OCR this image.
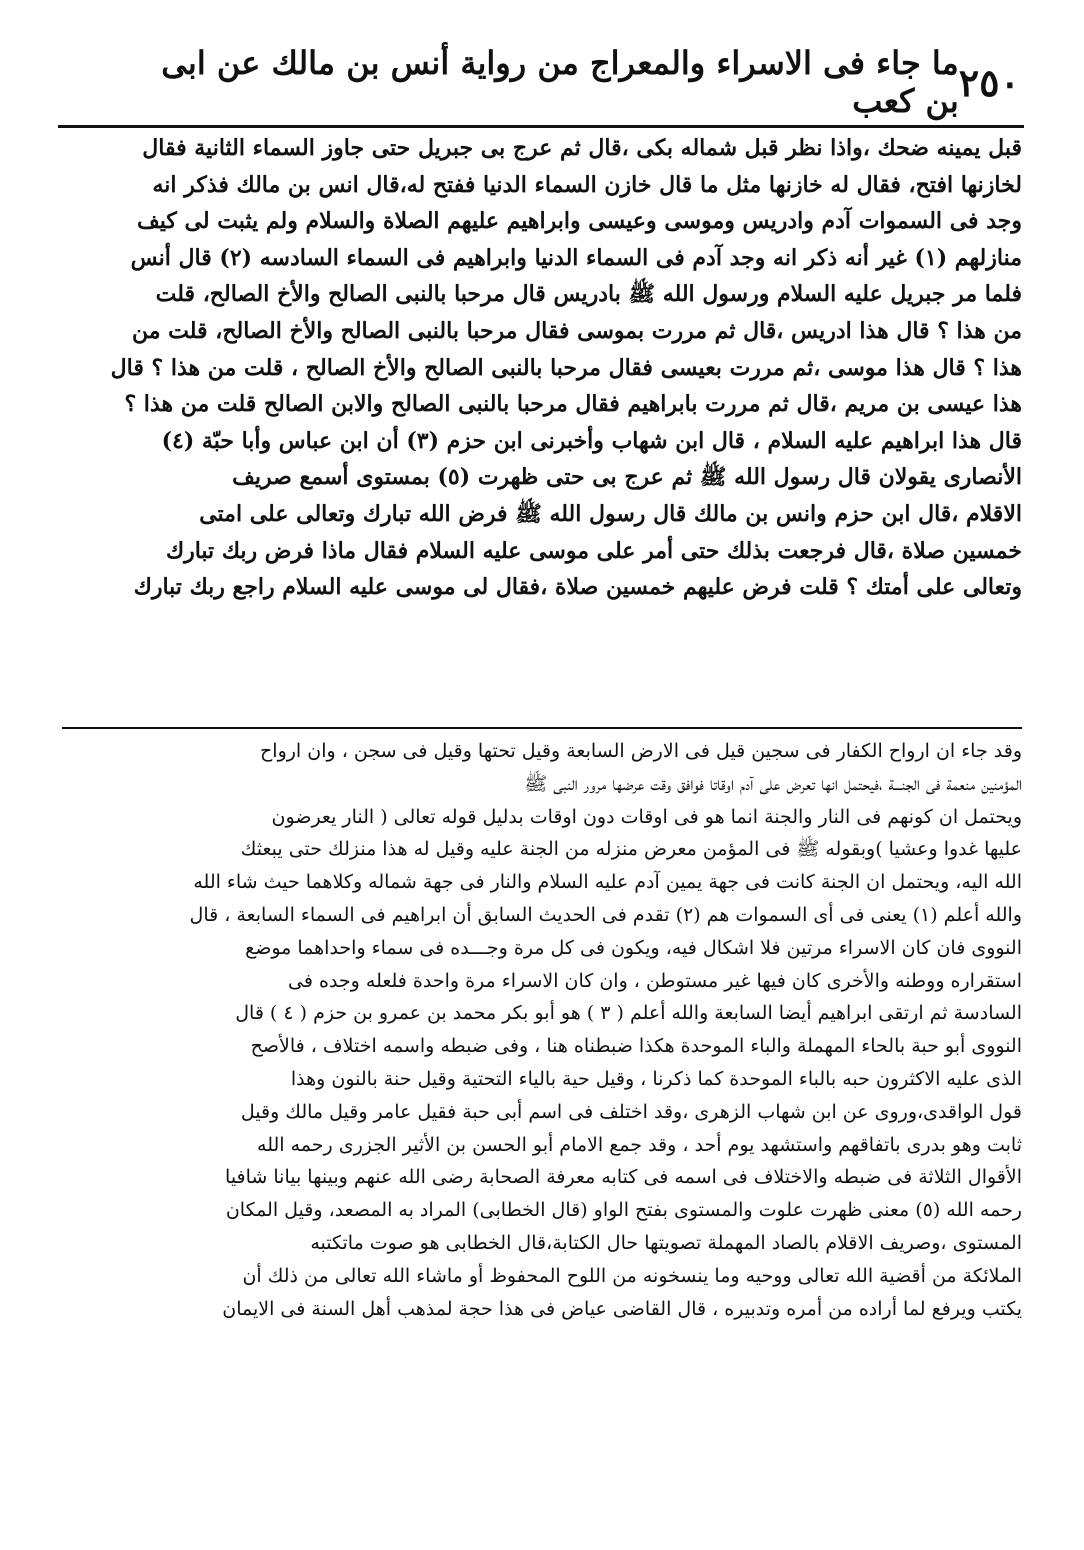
٢٥٠
ما جاء فى الاسراء والمعراج من رواية أنس بن مالك عن ابى بن كعب

قبل يمينه ضحك ،واذا نظر قبل شماله بكى ،قال ثم عرج بى جبريل حتى جاوز السماء الثانية فقال

لخازنها افتح، فقال له خازنها مثل ما قال خازن السماء الدنيا ففتح له،قال انس بن مالك فذكر انه

وجد فى السموات آدم وادريس وموسى وعيسى وابراهيم عليهم الصلاة والسلام ولم يثبت لى كيف

منازلهم (١) غير أنه ذكر انه وجد آدم فى السماء الدنيا وابراهيم فى السماء السادسه (٢) قال أنس

فلما مر جبريل عليه السلام ورسول الله ﷺ بادريس قال مرحبا بالنبى الصالح والأخ الصالح، قلت

من هذا ؟ قال هذا ادريس ،قال ثم مررت بموسى فقال مرحبا بالنبى الصالح والأخ الصالح، قلت من

هذا ؟ قال هذا موسى ،ثم مررت بعيسى فقال مرحبا بالنبى الصالح والأخ الصالح ، قلت من هذا ؟ قال

هذا عيسى بن مريم ،قال ثم مررت بابراهيم فقال مرحبا بالنبى الصالح والابن الصالح قلت من هذا ؟

قال هذا ابراهيم عليه السلام ، قال ابن شهاب وأخبرنى ابن حزم (٣) أن ابن عباس وأبا حبّة (٤)

الأنصارى يقولان قال رسول الله ﷺ ثم عرج بى حتى ظهرت (٥) بمستوى أسمع صريف

الاقلام ،قال ابن حزم وانس بن مالك قال رسول الله ﷺ فرض الله تبارك وتعالى على امتى

خمسين صلاة ،قال فرجعت بذلك حتى أمر على موسى عليه السلام فقال ماذا فرض ربك تبارك

وتعالى على أمتك ؟ قلت فرض عليهم خمسين صلاة ،فقال لى موسى عليه السلام راجع ربك تبارك

وقد جاء ان ارواح الكفار فى سجين قيل فى الارض السابعة وقيل تحتها وقيل فى سجن ، وان ارواح

المؤمنين منعمة فى الجنـــة ،فيحتمل انها تعرض على آدم اوقاتا فوافق وقت عرضها مرور النبى ﷺ

ويحتمل ان كونهم فى النار والجنة انما هو فى اوقات دون اوقات بدليل قوله تعالى ( النار يعرضون

عليها غدوا وعشيا )وبقوله ﷺ فى المؤمن معرض منزله من الجنة عليه وقيل له هذا منزلك حتى يبعثك

الله اليه، ويحتمل ان الجنة كانت فى جهة يمين آدم عليه السلام والنار فى جهة شماله وكلاهما حيث شاء الله

والله أعلم (١) يعنى فى أى السموات هم (٢) تقدم فى الحديث السابق أن ابراهيم فى السماء السابعة ، قال

النووى فان كان الاسراء مرتين فلا اشكال فيه، ويكون فى كل مرة وجـــده فى سماء واحداهما موضع

استقراره ووطنه والأخرى كان فيها غير مستوطن ، وان كان الاسراء مرة واحدة فلعله وجده فى

السادسة ثم ارتقى ابراهيم أيضا السابعة والله أعلم ( ٣ ) هو أبو بكر محمد بن عمرو بن حزم ( ٤ ) قال

النووى أبو حبة بالحاء المهملة والباء الموحدة هكذا ضبطناه هنا ، وفى ضبطه واسمه اختلاف ، فالأصح

الذى عليه الاكثرون حبه بالباء الموحدة كما ذكرنا ، وقيل حية بالياء التحتية وقيل حنة بالنون وهذا

قول الواقدى،وروى عن ابن شهاب الزهرى ،وقد اختلف فى اسم أبى حبة فقيل عامر وقيل مالك وقيل

ثابت وهو بدرى باتفاقهم واستشهد يوم أحد ، وقد جمع الامام أبو الحسن بن الأثير الجزرى رحمه الله

الأقوال الثلاثة فى ضبطه والاختلاف فى اسمه فى كتابه معرفة الصحابة رضى الله عنهم وبينها بيانا شافيا

رحمه الله (٥) معنى ظهرت علوت والمستوى بفتح الواو (قال الخطابى) المراد به المصعد، وقيل المكان

المستوى ،وصريف الاقلام بالصاد المهملة تصويتها حال الكتابة،قال الخطابى هو صوت ماتكتبه

الملائكة من أقضية الله تعالى ووحيه وما ينسخونه من اللوح المحفوظ أو ماشاء الله تعالى من ذلك أن

يكتب ويرفع لما أراده من أمره وتدبيره ، قال القاضى عياض فى هذا حجة لمذهب أهل السنة فى الايمان
